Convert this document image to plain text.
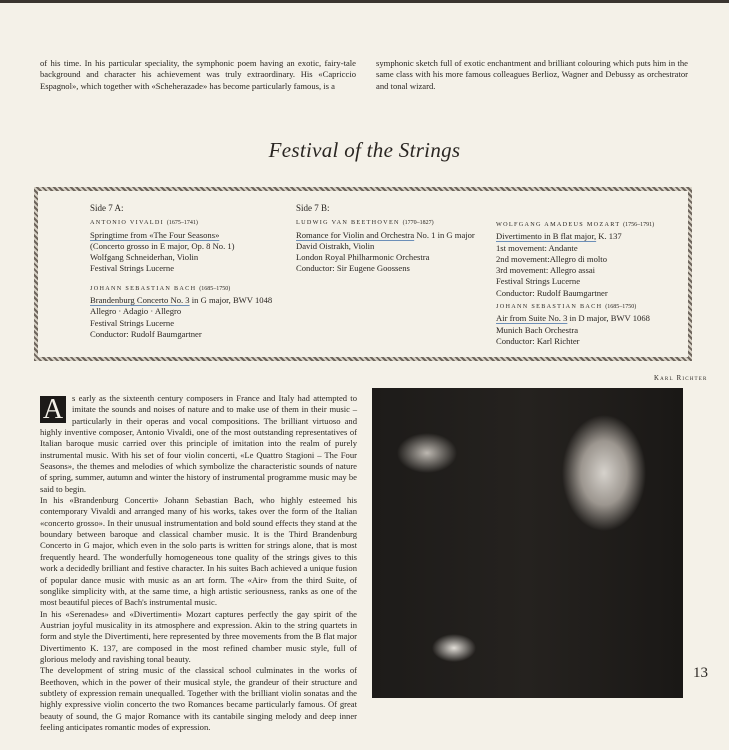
of his time. In his particular speciality, the symphonic poem having an exotic, fairy-tale background and character his achievement was truly extraordinary. His «Capriccio Espagnol», which together with «Scheherazade» has become particularly famous, is a
symphonic sketch full of exotic enchantment and brilliant colouring which puts him in the same class with his more famous colleagues Berlioz, Wagner and Debussy as orchestrator and tonal wizard.
Festival of the Strings
Side 7 A:
ANTONIO VIVALDI (1675–1741)
Springtime from «The Four Seasons»
(Concerto grosso in E major, Op. 8 No. 1)
Wolfgang Schneiderhan, Violin
Festival Strings Lucerne
JOHANN SEBASTIAN BACH (1685–1750)
Brandenburg Concerto No. 3 in G major, BWV 1048
Allegro · Adagio · Allegro
Festival Strings Lucerne
Conductor: Rudolf Baumgartner
Side 7 B:
LUDWIG VAN BEETHOVEN (1770–1827)
Romance for Violin and Orchestra No. 1 in G major
David Oistrakh, Violin
London Royal Philharmonic Orchestra
Conductor: Sir Eugene Goossens
WOLFGANG AMADEUS MOZART (1756–1791)
Divertimento in B flat major, K. 137
1st movement: Andante
2nd movement:Allegro di molto
3rd movement: Allegro assai
Festival Strings Lucerne
Conductor: Rudolf Baumgartner
JOHANN SEBASTIAN BACH (1685–1750)
Air from Suite No. 3 in D major, BWV 1068
Munich Bach Orchestra
Conductor: Karl Richter
Karl Richter
A	s early as the sixteenth century composers in France and Italy had attempted to imitate the sounds and noises of nature and to make use of them in their music – particularly in their operas and vocal compositions. The brilliant virtuoso and highly inventive composer, Antonio Vivaldi, one of the most outstanding representatives of Italian baroque music carried over this principle of imitation into the realm of purely instrumental music. With his set of four violin concerti, «Le Quattro Stagioni – The Four Seasons», the themes and melodies of which symbolize the characteristic sounds of nature of spring, summer, autumn and winter the history of instrumental programme music may be said to begin.

In his «Brandenburg Concerti» Johann Sebastian Bach, who highly esteemed his contemporary Vivaldi and arranged many of his works, takes over the form of the Italian «concerto grosso». In their unusual instrumentation and bold sound effects they stand at the boundary between baroque and classical chamber music. It is the Third Brandenburg Concerto in G major, which even in the solo parts is written for strings alone, that is most frequently heard. The wonderfully homogeneous tone quality of the strings gives to this work a decidedly brilliant and festive character. In his suites Bach achieved a unique fusion of popular dance music with music as an art form. The «Air» from the third Suite, of songlike simplicity with, at the same time, a high artistic seriousness, ranks as one of the most beautiful pieces of Bach's instrumental music.

In his «Serenades» and «Divertimenti» Mozart captures perfectly the gay spirit of the Austrian joyful musicality in its atmosphere and expression. Akin to the string quartets in form and style the Divertimenti, here represented by three movements from the B flat major Divertimento K. 137, are composed in the most refined chamber music style, full of glorious melody and ravishing tonal beauty.

The development of string music of the classical school culminates in the works of Beethoven, which in the power of their musical style, the grandeur of their structure and subtlety of expression remain unequalled. Together with the brilliant violin sonatas and the highly expressive violin concerto the two Romances became particularly famous. Of great beauty of sound, the G major Romance with its cantabile singing melody and deep inner feeling anticipates romantic modes of expression.

13
